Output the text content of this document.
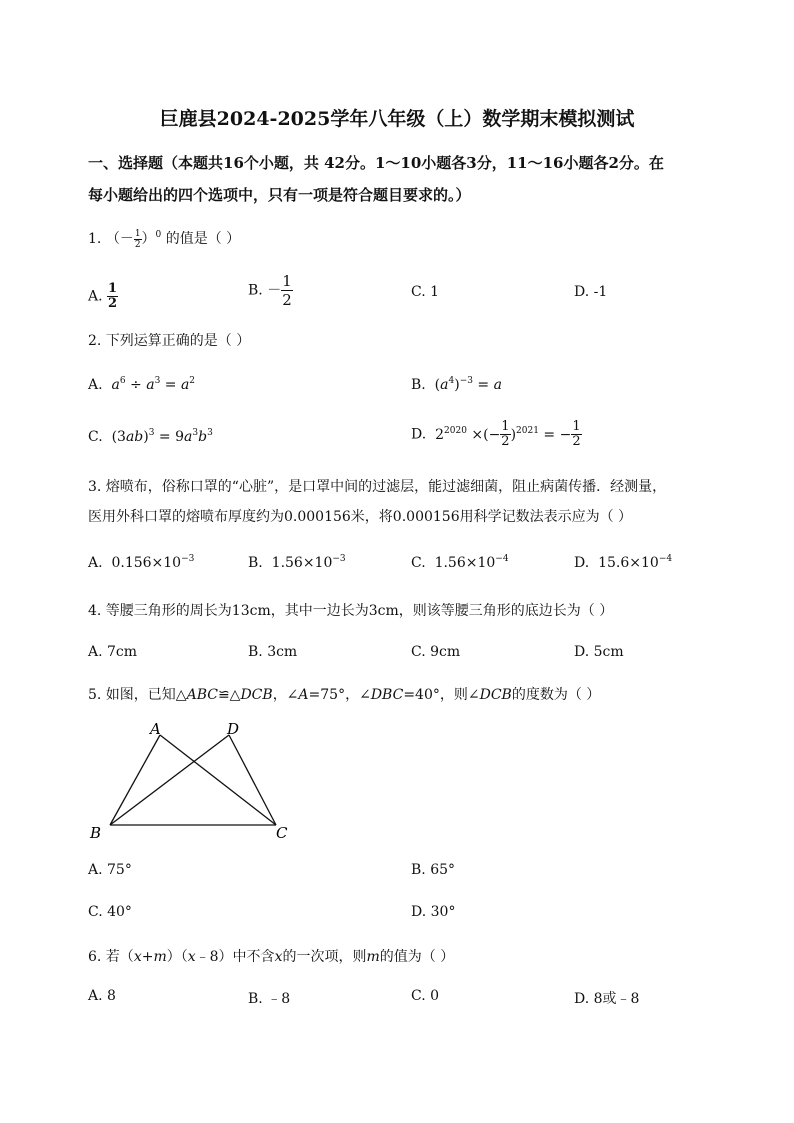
巨鹿县2024-2025学年八年级（上）数学期末模拟测试
一、选择题（本题共16个小题，共 42分。1～10小题各3分，11～16小题各2分。在
每小题给出的四个选项中，只有一项是符合题目要求的。）
1. （－ $\frac{1}{2} )^0$ 的值是（ ）
A. $\frac{1}{2}$	B. － $\frac{1}{2}$	C. 1	D. -1
2. 下列运算正确的是（ ）
A. $a^6 \div a^3 = a^2$	B. $(a^4)^{-3} = a$
C. $(3ab)^3 = 9a^3b^3$	D. $2^{2020}$ ×(− $\frac{1}{2} )^{2021}$ = − $\frac{1}{2}$
3. 熔喷布，俗称口罩的“心脏”，是口罩中间的过滤层，能过滤细菌，阻止病菌传播．经测量，
医用外科口罩的熔喷布厚度约为0.000156米，将0.000156用科学记数法表示应为（ ）
A. $0.156\times 10^{-3}$	B. $1.56\times 10^{-3}$	C. $1.56\times 10^{-4}$	D. $15.6\times 10^{-4}$
4. 等腰三角形的周长为13cm，其中一边长为3cm，则该等腰三角形的底边长为（ ）
A. 7cm	B. 3cm	C. 9cm	D. 5cm
5. 如图，已知△ABC≌△DCB，∠A=75°，∠DBC=40°，则∠DCB的度数为（ ）
A	D
B	C
A. 75°	B. 65°
C. 40°	D. 30°
6. 若（x+m）（x﹣8）中不含x的一次项，则m的值为（ ）
A. 8	B. ﹣8	C. 0	D. 8或﹣8
